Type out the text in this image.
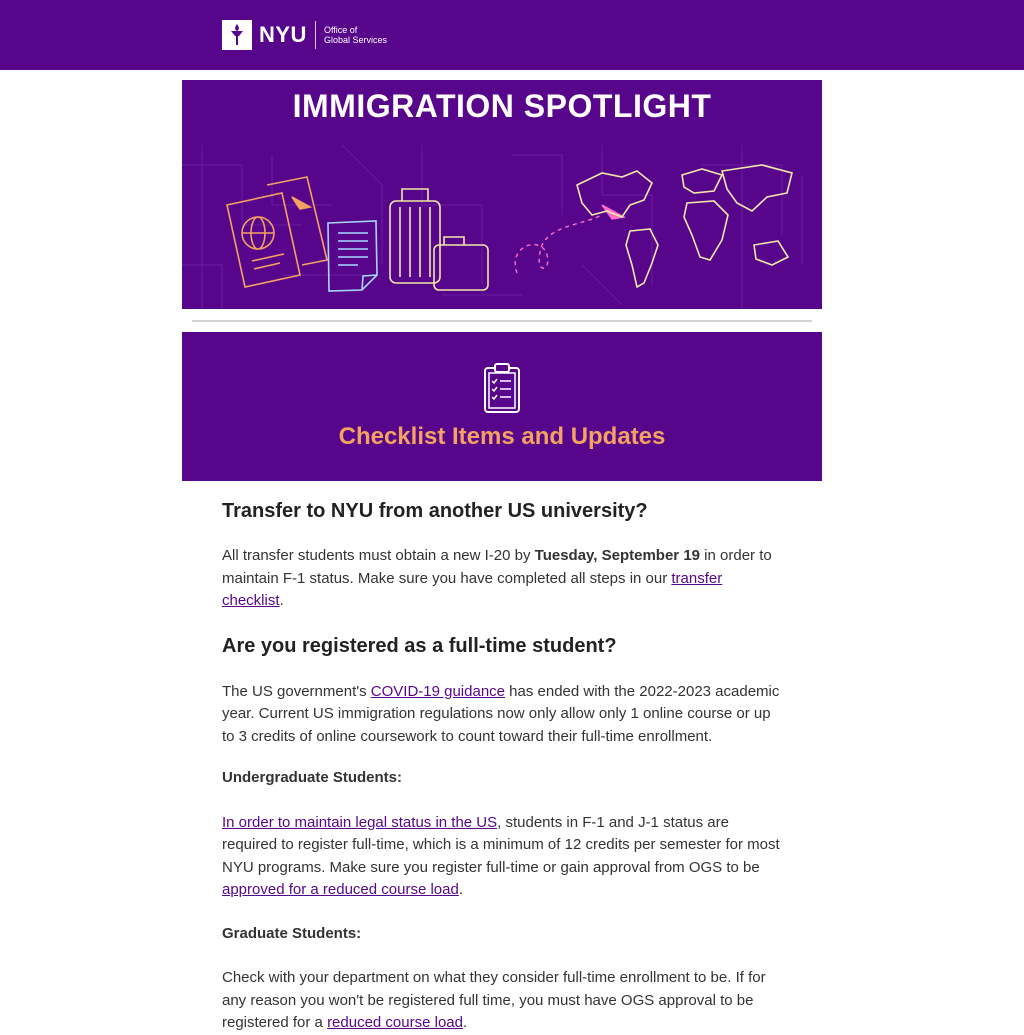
NYU Office of
Global Services
IMMIGRATION SPOTLIGHT
Checklist Items and Updates
Transfer to NYU from another US university?

All transfer students must obtain a new I-20 by Tuesday, September 19 in order to maintain F-1 status. Make sure you have completed all steps in our transfer checklist.

Are you registered as a full-time student?

The US government's COVID-19 guidance has ended with the 2022-2023 academic year. Current US immigration regulations now only allow only 1 online course or up to 3 credits of online coursework to count toward their full-time enrollment.

Undergraduate Students:

In order to maintain legal status in the US, students in F-1 and J-1 status are required to register full-time, which is a minimum of 12 credits per semester for most NYU programs. Make sure you register full-time or gain approval from OGS to be approved for a reduced course load.

Graduate Students:

Check with your department on what they consider full-time enrollment to be. If for any reason you won't be registered full time, you must have OGS approval to be registered for a reduced course load.
